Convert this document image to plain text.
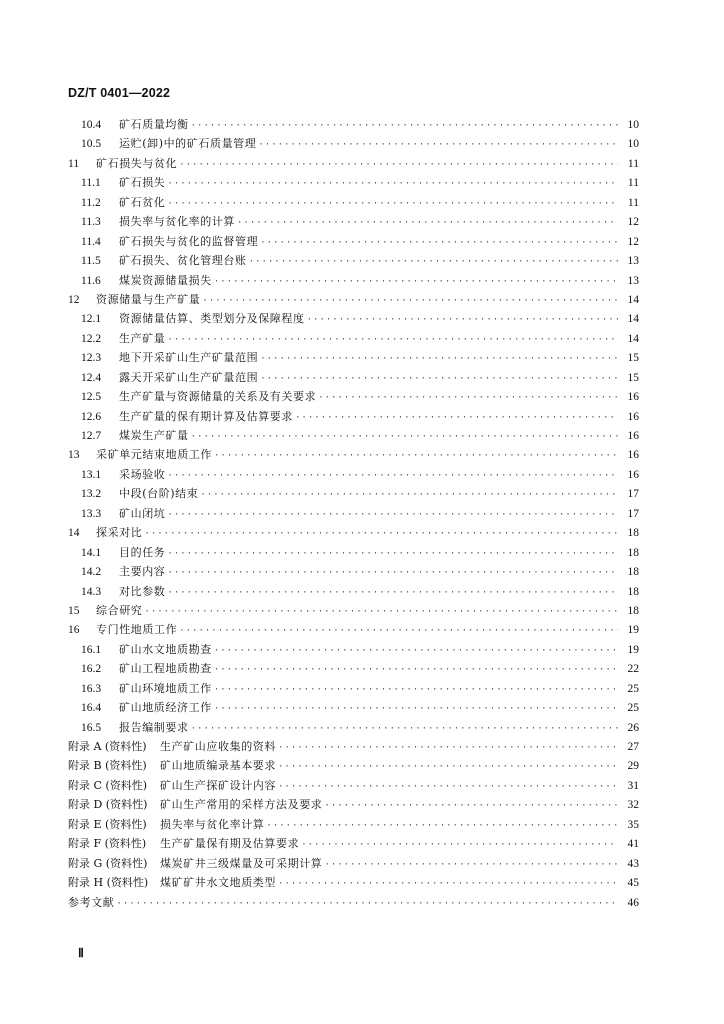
DZ/T 0401—2022
10.4	矿石质量均衡 ·····	10
10.5	运贮(卸)中的矿石质量管理 ·····	10
11	矿石损失与贫化 ·····	11
11.1	矿石损失 ·····	11
11.2	矿石贫化 ·····	11
11.3	损失率与贫化率的计算 ·····	12
11.4	矿石损失与贫化的监督管理 ·····	12
11.5	矿石损失、贫化管理台账 ·····	13
11.6	煤炭资源储量损失 ·····	13
12	资源储量与生产矿量 ·····	14
12.1	资源储量估算、类型划分及保障程度 ·····	14
12.2	生产矿量 ·····	14
12.3	地下开采矿山生产矿量范围 ·····	15
12.4	露天开采矿山生产矿量范围 ·····	15
12.5	生产矿量与资源储量的关系及有关要求 ·····	16
12.6	生产矿量的保有期计算及估算要求 ·····	16
12.7	煤炭生产矿量 ·····	16
13	采矿单元结束地质工作 ·····	16
13.1	采场验收 ·····	16
13.2	中段(台阶)结束 ·····	17
13.3	矿山闭坑 ·····	17
14	探采对比 ·····	18
14.1	目的任务 ·····	18
14.2	主要内容 ·····	18
14.3	对比参数 ·····	18
15	综合研究 ·····	18
16	专门性地质工作 ·····	19
16.1	矿山水文地质勘查 ·····	19
16.2	矿山工程地质勘查 ·····	22
16.3	矿山环境地质工作 ·····	25
16.4	矿山地质经济工作 ·····	25
16.5	报告编制要求 ·····	26
附录 A (资料性)	生产矿山应收集的资料 ·····	27
附录 B (资料性)	矿山地质编录基本要求 ·····	29
附录 C (资料性)	矿山生产探矿设计内容 ·····	31
附录 D (资料性)	矿山生产常用的采样方法及要求 ·····	32
附录 E (资料性)	损失率与贫化率计算 ·····	35
附录 F (资料性)	生产矿量保有期及估算要求 ·····	41
附录 G (资料性)	煤炭矿井三级煤量及可采期计算 ·····	43
附录 H (资料性)	煤矿矿井水文地质类型 ·····	45
参考文献 ·····	46
Ⅱ
